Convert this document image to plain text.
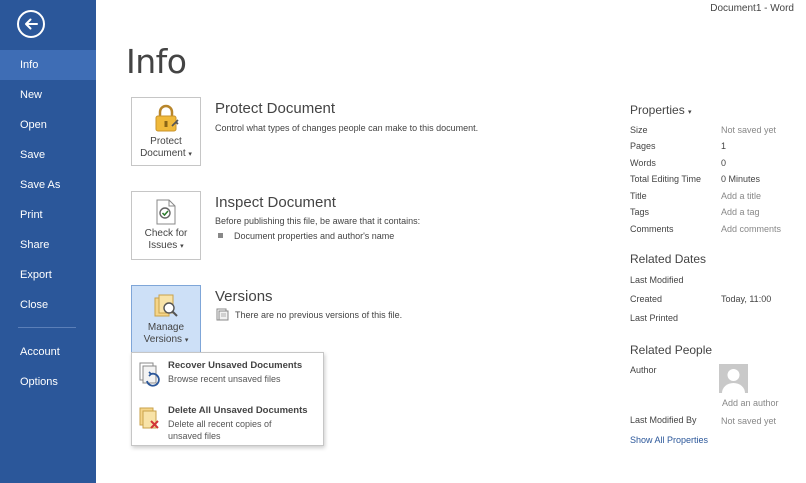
Info
New
Open
Save
Save As
Print
Share
Export
Close
Account
Options
Document1 - Word
Info
Protect
Document ▾
Protect Document
Control what types of changes people can make to this document.
Check for
Issues ▾
Inspect Document
Before publishing this file, be aware that it contains:
Document properties and author's name
Manage
Versions ▾
Versions
There are no previous versions of this file.
Recover Unsaved Documents
Browse recent unsaved files
Delete All Unsaved Documents
Delete all recent copies of
unsaved files
Properties ▾
Size	Not saved yet
Pages	1
Words	0
Total Editing Time 0 Minutes
Title	Add a title
Tags	Add a tag
Comments	Add comments
Related Dates
Last Modified
Created	Today, 11:00
Last Printed
Related People
Author
Add an author
Last Modified By	Not saved yet
Show All Properties
